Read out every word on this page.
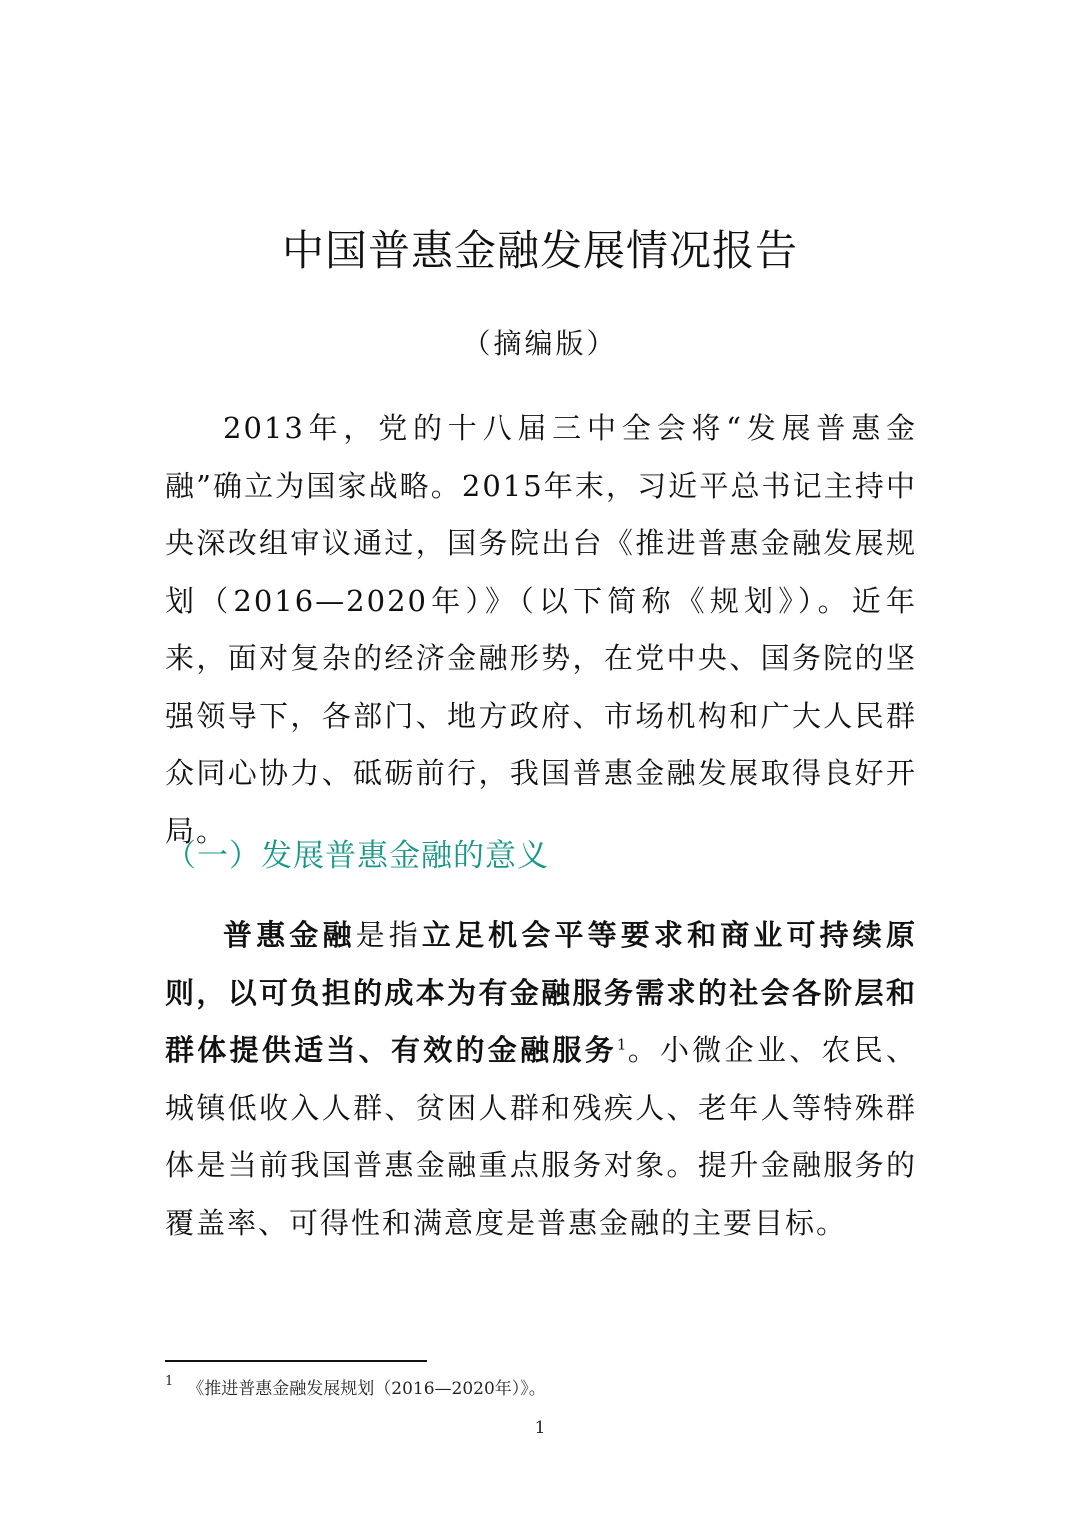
中国普惠金融发展情况报告
（摘编版）

2013年，党的十八届三中全会将“发展普惠金融”确立为国家战略。2015年末，习近平总书记主持中央深改组审议通过，国务院出台《推进普惠金融发展规划（2016—2020年）》（以下简称《规划》）。近年来，面对复杂的经济金融形势，在党中央、国务院的坚强领导下，各部门、地方政府、市场机构和广大人民群众同心协力、砥砺前行，我国普惠金融发展取得良好开局。

（一）发展普惠金融的意义

普惠金融是指立足机会平等要求和商业可持续原则，以可负担的成本为有金融服务需求的社会各阶层和群体提供适当、有效的金融服务$^1$。小微企业、农民、城镇低收入人群、贫困人群和残疾人、老年人等特殊群体是当前我国普惠金融重点服务对象。提升金融服务的覆盖率、可得性和满意度是普惠金融的主要目标。

$^1$ 《推进普惠金融发展规划（2016—2020年）》。
1
